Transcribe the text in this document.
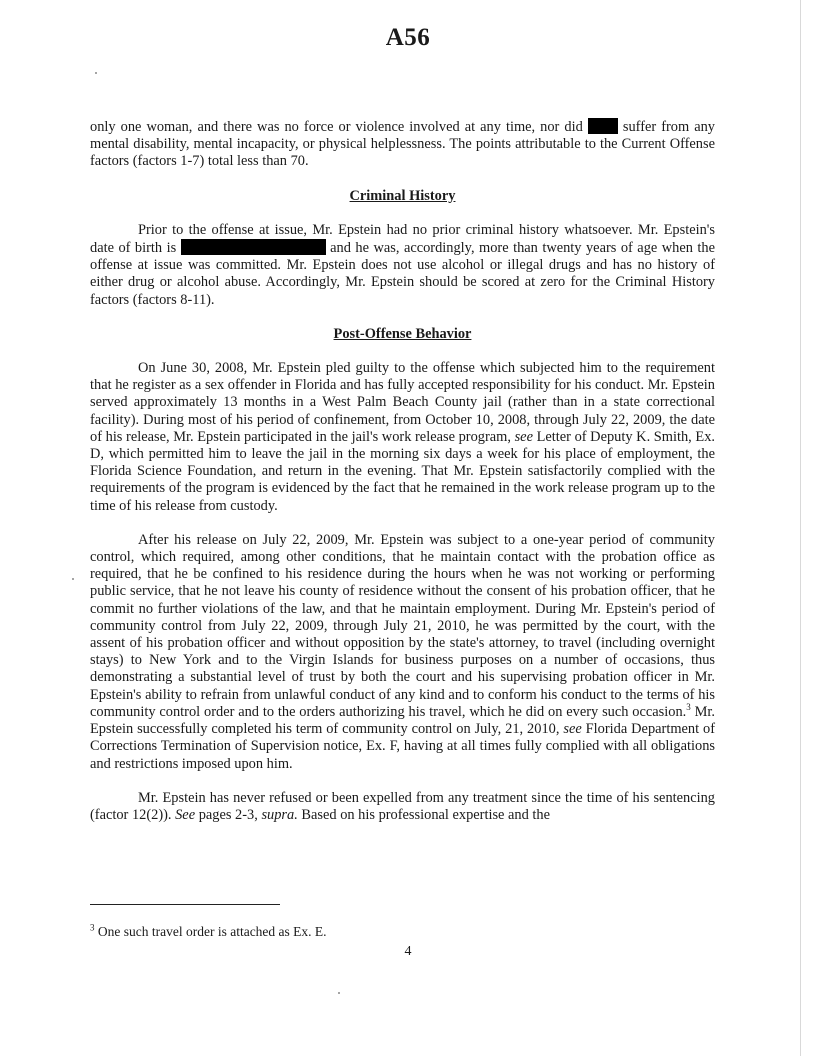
A56

only one woman, and there was no force or violence involved at any time, nor did  suffer from any mental disability, mental incapacity, or physical helplessness. The points attributable to the Current Offense factors (factors 1-7) total less than 70.

Criminal History

Prior to the offense at issue, Mr. Epstein had no prior criminal history whatsoever. Mr. Epstein's date of birth is	and he was, accordingly, more than twenty years of age when the offense at issue was committed. Mr. Epstein does not use alcohol or illegal drugs and has no history of either drug or alcohol abuse. Accordingly, Mr. Epstein should be scored at zero for the Criminal History factors (factors 8-11).

Post-Offense Behavior

On June 30, 2008, Mr. Epstein pled guilty to the offense which subjected him to the requirement that he register as a sex offender in Florida and has fully accepted responsibility for his conduct. Mr. Epstein served approximately 13 months in a West Palm Beach County jail (rather than in a state correctional facility). During most of his period of confinement, from October 10, 2008, through July 22, 2009, the date of his release, Mr. Epstein participated in the jail's work release program, see Letter of Deputy K. Smith, Ex. D, which permitted him to leave the jail in the morning six days a week for his place of employment, the Florida Science Foundation, and return in the evening. That Mr. Epstein satisfactorily complied with the requirements of the program is evidenced by the fact that he remained in the work release program up to the time of his release from custody.

After his release on July 22, 2009, Mr. Epstein was subject to a one-year period of community control, which required, among other conditions, that he maintain contact with the probation office as required, that he be confined to his residence during the hours when he was not working or performing public service, that he not leave his county of residence without the consent of his probation officer, that he commit no further violations of the law, and that he maintain employment. During Mr. Epstein's period of community control from July 22, 2009, through July 21, 2010, he was permitted by the court, with the assent of his probation officer and without opposition by the state's attorney, to travel (including overnight stays) to New York and to the Virgin Islands for business purposes on a number of occasions, thus demonstrating a substantial level of trust by both the court and his supervising probation officer in Mr. Epstein's ability to refrain from unlawful conduct of any kind and to conform his conduct to the terms of his community control order and to the orders authorizing his travel, which he did on every such occasion.$^3$ Mr. Epstein successfully completed his term of community control on July, 21, 2010, see Florida Department of Corrections Termination of Supervision notice, Ex. F, having at all times fully complied with all obligations and restrictions imposed upon him.

Mr. Epstein has never refused or been expelled from any treatment since the time of his sentencing (factor 12(2)). See pages 2-3, supra. Based on his professional expertise and the

$^3$ One such travel order is attached as Ex. E.
4
